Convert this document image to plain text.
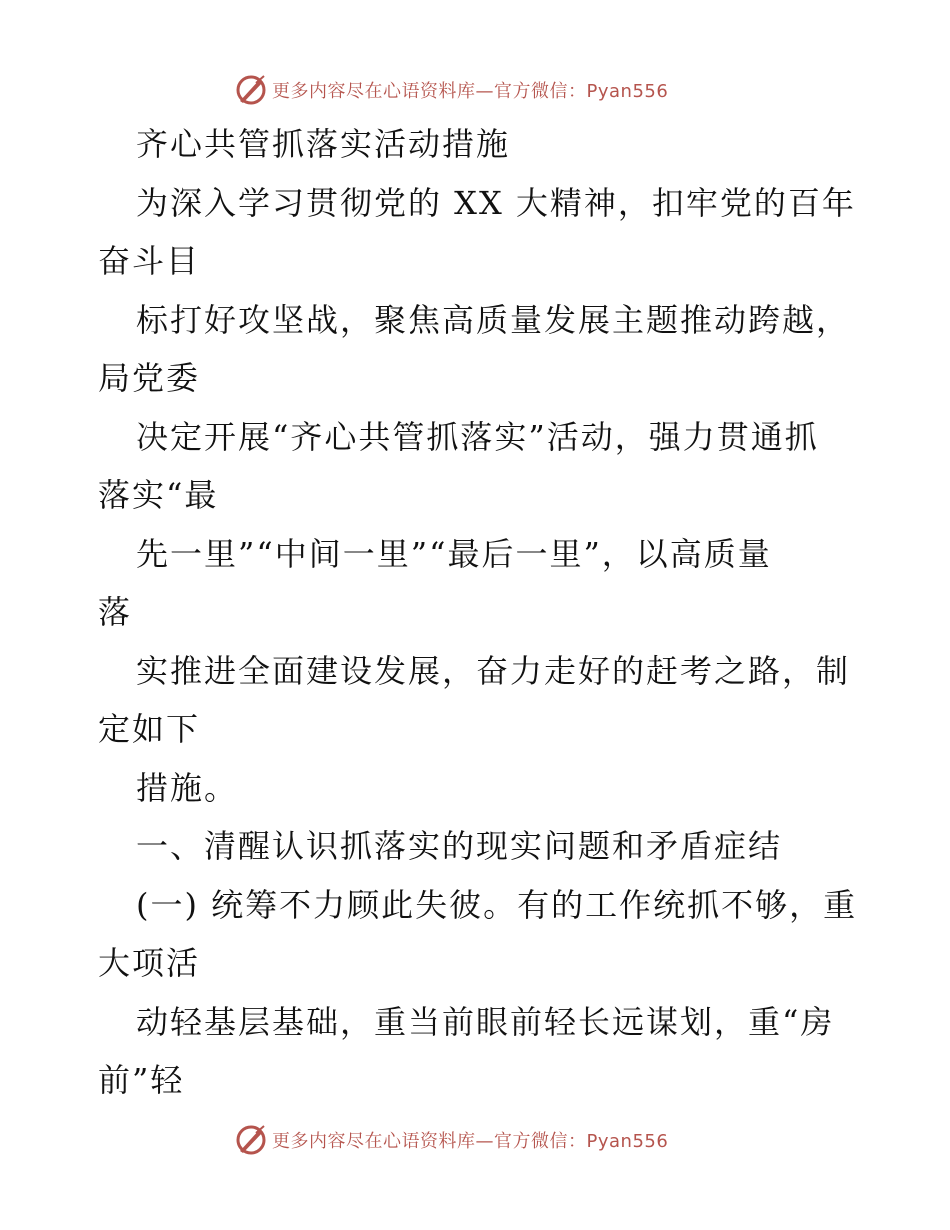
更多内容尽在心语资料库—官方微信：Pyan556
齐心共管抓落实活动措施
为深入学习贯彻党的 XX 大精神，扣牢党的百年
奋斗目
标打好攻坚战，聚焦高质量发展主题推动跨越，
局党委
决定开展“齐心共管抓落实”活动，强力贯通抓
落实“最
先一里”“中间一里”“最后一里”，以高质量
落
实推进全面建设发展，奋力走好的赶考之路，制
定如下
措施。
一、清醒认识抓落实的现实问题和矛盾症结
(一) 统筹不力顾此失彼。有的工作统抓不够，重
大项活
动轻基层基础，重当前眼前轻长远谋划，重“房
前”轻
更多内容尽在心语资料库—官方微信：Pyan556
